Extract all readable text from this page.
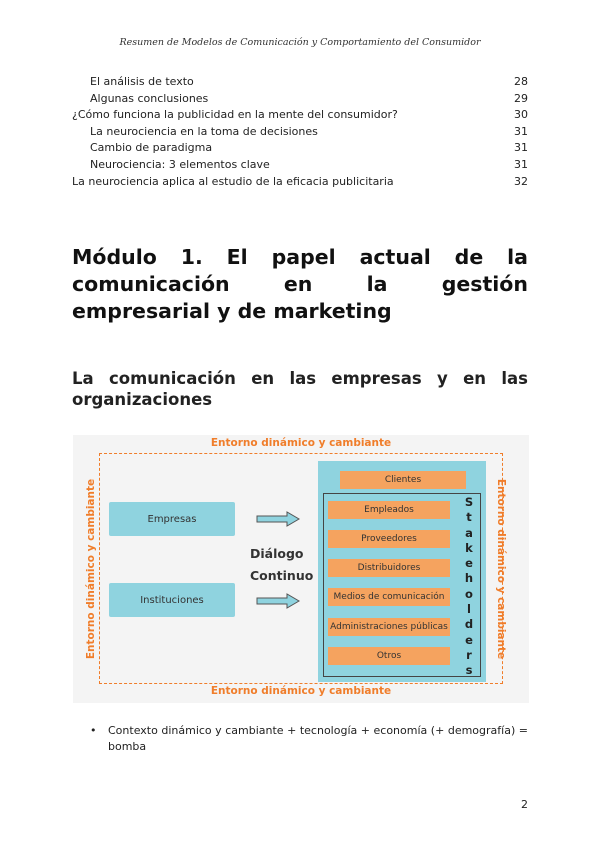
Resumen de Modelos de Comunicación y Comportamiento del Consumidor
El análisis de texto	28
Algunas conclusiones	29
¿Cómo funciona la publicidad en la mente del consumidor?	30
La neurociencia en la toma de decisiones	31
Cambio de paradigma	31
Neurociencia: 3 elementos clave	31
La neurociencia aplica al estudio de la eficacia publicitaria	32
Módulo 1. El papel actual de la
comunicación en la gestión empresarial y de marketing
La comunicación en las empresas y en las
organizaciones
Entorno dinámico y cambiante
Entorno dinámico y cambiante
Entorno dinámico y cambiante	Entorno dinámico y cambiante
Empresas
Instituciones
Diálogo
Continuo
Clientes
Empleados
Proveedores
Distribuidores
Medios de comunicación
Administraciones públicas
Otros
S
t
a
k
e
h
o
l
d
e
r
s
• Contexto dinámico y cambiante + tecnología + economía (+ demografía) = bomba
2
